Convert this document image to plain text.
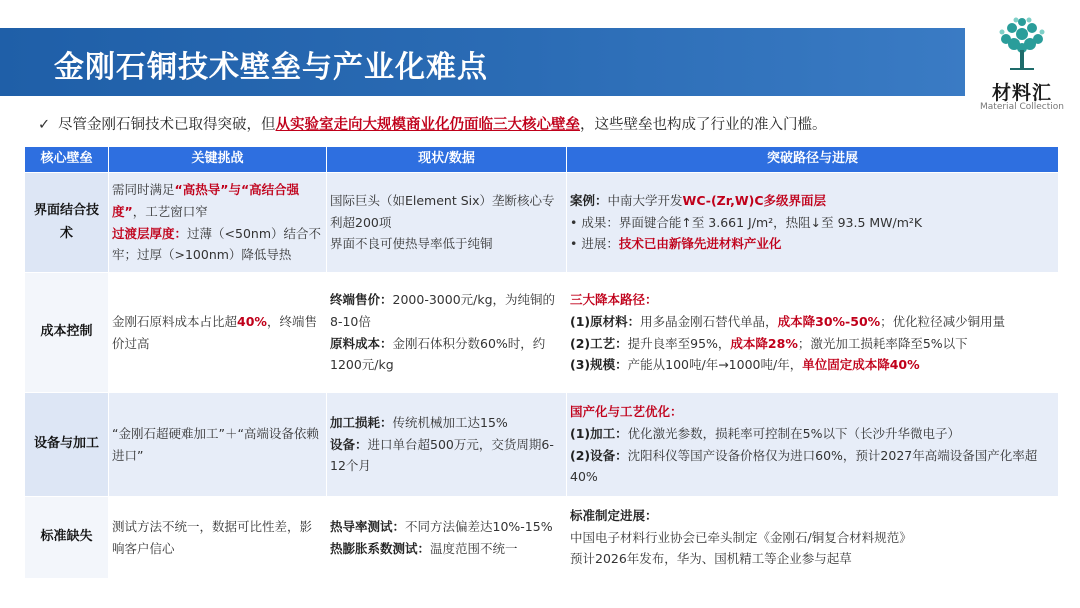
金刚石铜技术壁垒与产业化难点
材料汇
Material Collection
✓ 尽管金刚石铜技术已取得突破，但从实验室走向大规模商业化仍面临三大核心壁垒，这些壁垒也构成了行业的准入门槛。
核心壁垒	关键挑战	现状/数据	突破路径与进展
界面结合技术	需同时满足“高热导”与“高结合强度”，工艺窗口窄
过渡层厚度：过薄（<50nm）结合不牢；过厚（>100nm）降低导热	国际巨头（如Element Six）垄断核心专利超200项
界面不良可使热导率低于纯铜	案例：中南大学开发WC-(Zr,W)C多级界面层
• 成果：界面键合能↑至 3.661 J/m²，热阻↓至 93.5 MW/m²K
• 进展：技术已由新锋先进材料产业化

成本控制	金刚石原料成本占比超40%，终端售价过高	终端售价：2000-3000元/kg，为纯铜的8-10倍
原料成本：金刚石体积分数60%时，约1200元/kg	三大降本路径：
(1)原材料：用多晶金刚石替代单晶，成本降30%-50%；优化粒径减少铜用量
(2)工艺：提升良率至95%，成本降28%；激光加工损耗率降至5%以下
(3)规模：产能从100吨/年→1000吨/年，单位固定成本降40%

设备与加工	“金刚石超硬难加工”＋“高端设备依赖进口”	加工损耗：传统机械加工达15%
设备：进口单台超500万元，交货周期6-12个月	国产化与工艺优化：
(1)加工：优化激光参数，损耗率可控制在5%以下（长沙升华微电子）
(2)设备：沈阳科仪等国产设备价格仅为进口60%，预计2027年高端设备国产化率超40%

标准缺失	测试方法不统一，数据可比性差，影响客户信心	热导率测试：不同方法偏差达10%-15%
热膨胀系数测试：温度范围不统一	标准制定进展：
中国电子材料行业协会已牵头制定《金刚石/铜复合材料规范》
预计2026年发布，华为、国机精工等企业参与起草
